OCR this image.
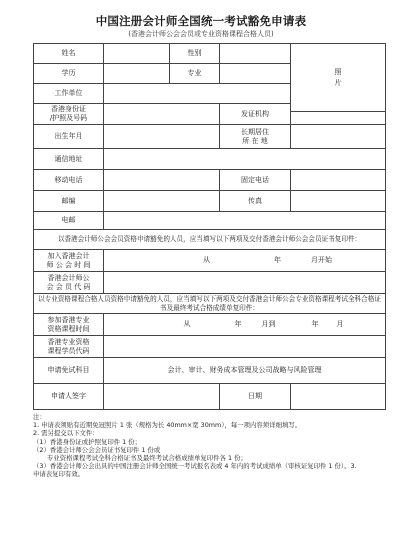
中国注册会计师全国统一考试豁免申请表

(香港会计师公会会员或专业资格课程合格人员)

姓名		性别		照
片

学历		专业		
工作单位				
香港身份证
/护照及号码			发证机构	

出生年月			长期居住
所 在 地	
通信地址				
移动电话			固定电话	
邮编			传真	
电邮				
以香港会计师公会会员资格申请豁免的人员，应当填写以下两项及交付香港会计师公会会员证书复印件：				
加入香港会计
师 公 会 时 间	从 年 月开始			
香港会计师公
会 会 员 代 码				
以专业资格课程合格人员资格申请豁免的人员，应当填写以下两项及交付香港会计师公会专业资格课程考试全科合格证书及最终考试合格成绩单复印件：				
参加香港专业
资格课程时间	从 年 月到 年 月			
香港专业资格
课程学员代码				
申请免试科目	会计、审计、财务成本管理及公司战略与风险管理			
申请人签字			日期	

注：

1. 申请表须贴有近期免冠照片 1 张（规格为长 40mm×宽 30mm），每一项内容须详细填写。

2. 需另提交以下文件：

（1）香港身份证或护照复印件 1 份；

（2）香港会计师公会会员证书复印件 1 份或

专业资格课程考试全科合格证书及最终考试合格成绩单复印件各 1 份；

（3）香港会计师公会出具的中国注册会计师全国统一考试报名表或 4 年内的考试成绩单（审核证复印件 1 份）。3.

申请表复印有效。
